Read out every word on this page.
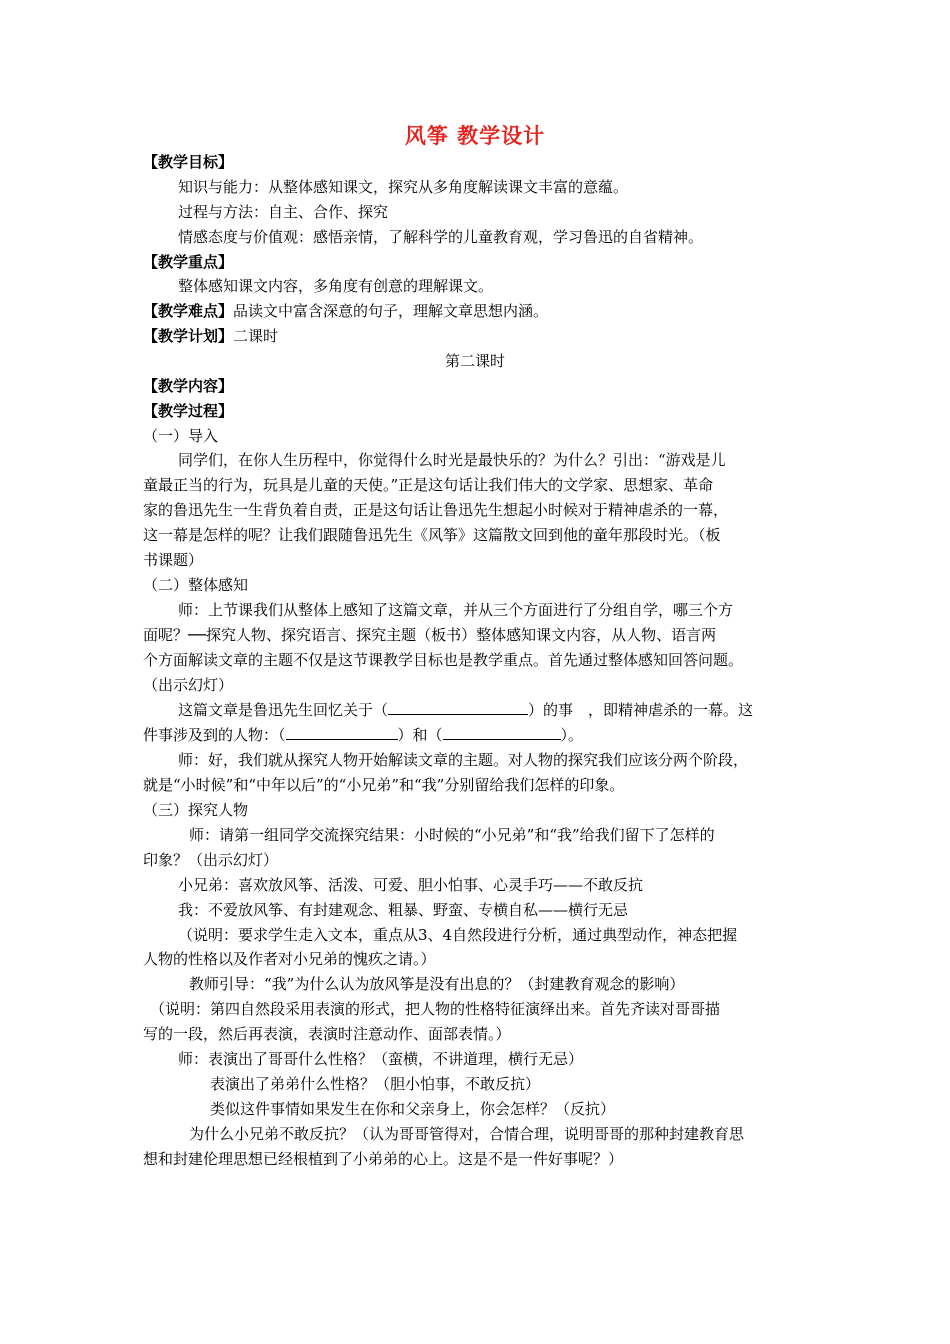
风筝 教学设计
【教学目标】
知识与能力：从整体感知课文，探究从多角度解读课文丰富的意蕴。
过程与方法：自主、合作、探究
情感态度与价值观：感悟亲情，了解科学的儿童教育观，学习鲁迅的自省精神。
【教学重点】
整体感知课文内容，多角度有创意的理解课文。
【教学难点】品读文中富含深意的句子，理解文章思想内涵。
【教学计划】二课时
第二课时
【教学内容】
【教学过程】
（一）导入
同学们，在你人生历程中，你觉得什么时光是最快乐的？为什么？引出：“游戏是儿
童最正当的行为，玩具是儿童的天使。”正是这句话让我们伟大的文学家、思想家、革命
家的鲁迅先生一生背负着自责，正是这句话让鲁迅先生想起小时候对于精神虐杀的一幕，
这一幕是怎样的呢？让我们跟随鲁迅先生《风筝》这篇散文回到他的童年那段时光。（板
书课题）
（二）整体感知
师：上节课我们从整体上感知了这篇文章，并从三个方面进行了分组自学，哪三个方
面呢？──探究人物、探究语言、探究主题（板书）整体感知课文内容，从人物、语言两
个方面解读文章的主题不仅是这节课教学目标也是教学重点。首先通过整体感知回答问题。
（出示幻灯）
这篇文章是鲁迅先生回忆关于（	）的事　，即精神虐杀的一幕。这
件事涉及到的人物：（	）和（	）。
师：好，我们就从探究人物开始解读文章的主题。对人物的探究我们应该分两个阶段，
就是“小时候”和“中年以后”的“小兄弟”和“我”分别留给我们怎样的印象。
（三）探究人物
师：请第一组同学交流探究结果：小时候的“小兄弟”和“我”给我们留下了怎样的
印象？（出示幻灯）
小兄弟：喜欢放风筝、活泼、可爱、胆小怕事、心灵手巧——不敢反抗
我：不爱放风筝、有封建观念、粗暴、野蛮、专横自私——横行无忌
（说明：要求学生走入文本，重点从3、4自然段进行分析，通过典型动作，神态把握
人物的性格以及作者对小兄弟的愧疚之请。）
教师引导：“我”为什么认为放风筝是没有出息的？（封建教育观念的影响）
（说明：第四自然段采用表演的形式，把人物的性格特征演绎出来。首先齐读对哥哥描
写的一段，然后再表演，表演时注意动作、面部表情。）
师：表演出了哥哥什么性格？（蛮横，不讲道理，横行无忌）
表演出了弟弟什么性格？（胆小怕事，不敢反抗）
类似这件事情如果发生在你和父亲身上，你会怎样？（反抗）
为什么小兄弟不敢反抗？（认为哥哥管得对，合情合理，说明哥哥的那种封建教育思
想和封建伦理思想已经根植到了小弟弟的心上。这是不是一件好事呢？）
